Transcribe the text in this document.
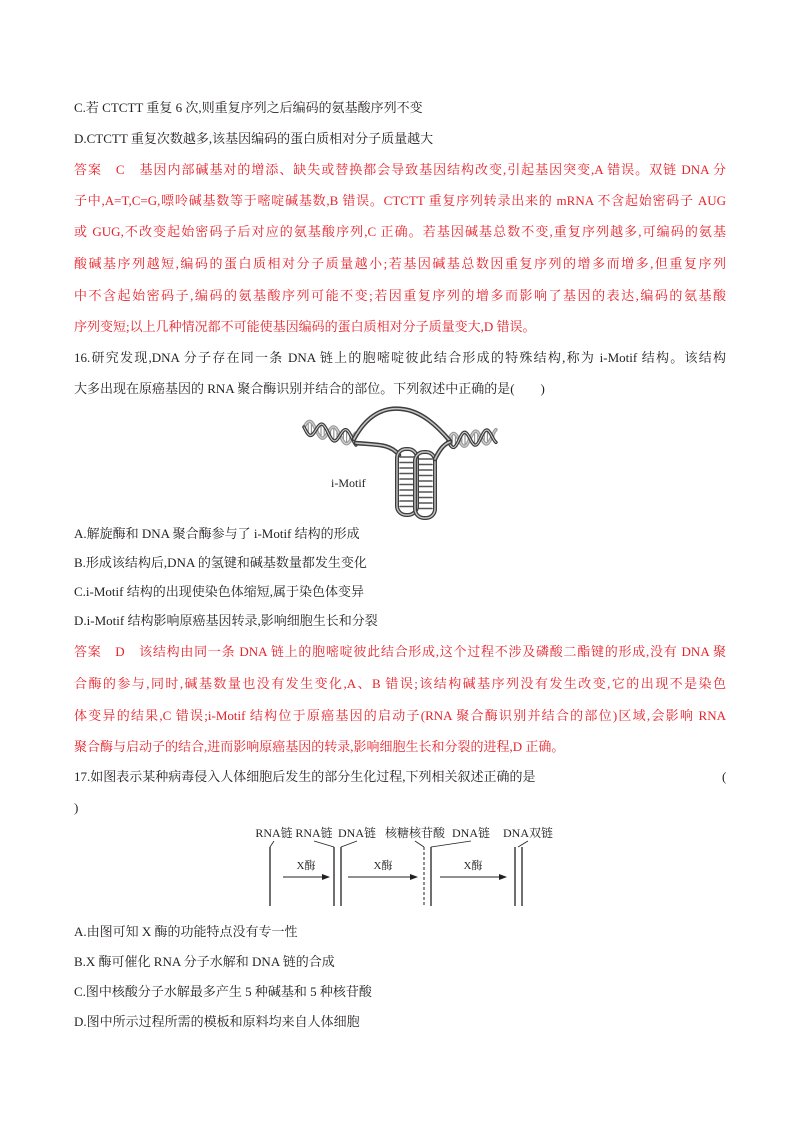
C.若 CTCTT 重复 6 次,则重复序列之后编码的氨基酸序列不变
D.CTCTT 重复次数越多,该基因编码的蛋白质相对分子质量越大
答案　C　基因内部碱基对的增添、缺失或替换都会导致基因结构改变,引起基因突变,A 错误。双链 DNA 分
子中,A=T,C=G,嘌呤碱基数等于嘧啶碱基数,B 错误。CTCTT 重复序列转录出来的 mRNA 不含起始密码子 AUG
或 GUG,不改变起始密码子后对应的氨基酸序列,C 正确。若基因碱基总数不变,重复序列越多,可编码的氨基
酸碱基序列越短,编码的蛋白质相对分子质量越小;若基因碱基总数因重复序列的增多而增多,但重复序列
中不含起始密码子,编码的氨基酸序列可能不变;若因重复序列的增多而影响了基因的表达,编码的氨基酸
序列变短;以上几种情况都不可能使基因编码的蛋白质相对分子质量变大,D 错误。
16.研究发现,DNA 分子存在同一条 DNA 链上的胞嘧啶彼此结合形成的特殊结构,称为 i-Motif 结构。该结构
大多出现在原癌基因的 RNA 聚合酶识别并结合的部位。下列叙述中正确的是(　　)
i-Motif
A.解旋酶和 DNA 聚合酶参与了 i-Motif 结构的形成
B.形成该结构后,DNA 的氢键和碱基数量都发生变化
C.i-Motif 结构的出现使染色体缩短,属于染色体变异
D.i-Motif 结构影响原癌基因转录,影响细胞生长和分裂
答案　D　该结构由同一条 DNA 链上的胞嘧啶彼此结合形成,这个过程不涉及磷酸二酯键的形成,没有 DNA 聚
合酶的参与,同时,碱基数量也没有发生变化,A、B 错误;该结构碱基序列没有发生改变,它的出现不是染色
体变异的结果,C 错误;i-Motif 结构位于原癌基因的启动子(RNA 聚合酶识别并结合的部位)区域,会影响 RNA
聚合酶与启动子的结合,进而影响原癌基因的转录,影响细胞生长和分裂的进程,D 正确。
17.如图表示某种病毒侵入人体细胞后发生的部分生化过程,下列相关叙述正确的是	(
)
RNA链 RNA链 DNA链 核糖核苷酸 DNA链 DNA双链
X酶	X酶	X酶
A.由图可知 X 酶的功能特点没有专一性
B.X 酶可催化 RNA 分子水解和 DNA 链的合成
C.图中核酸分子水解最多产生 5 种碱基和 5 种核苷酸
D.图中所示过程所需的模板和原料均来自人体细胞
